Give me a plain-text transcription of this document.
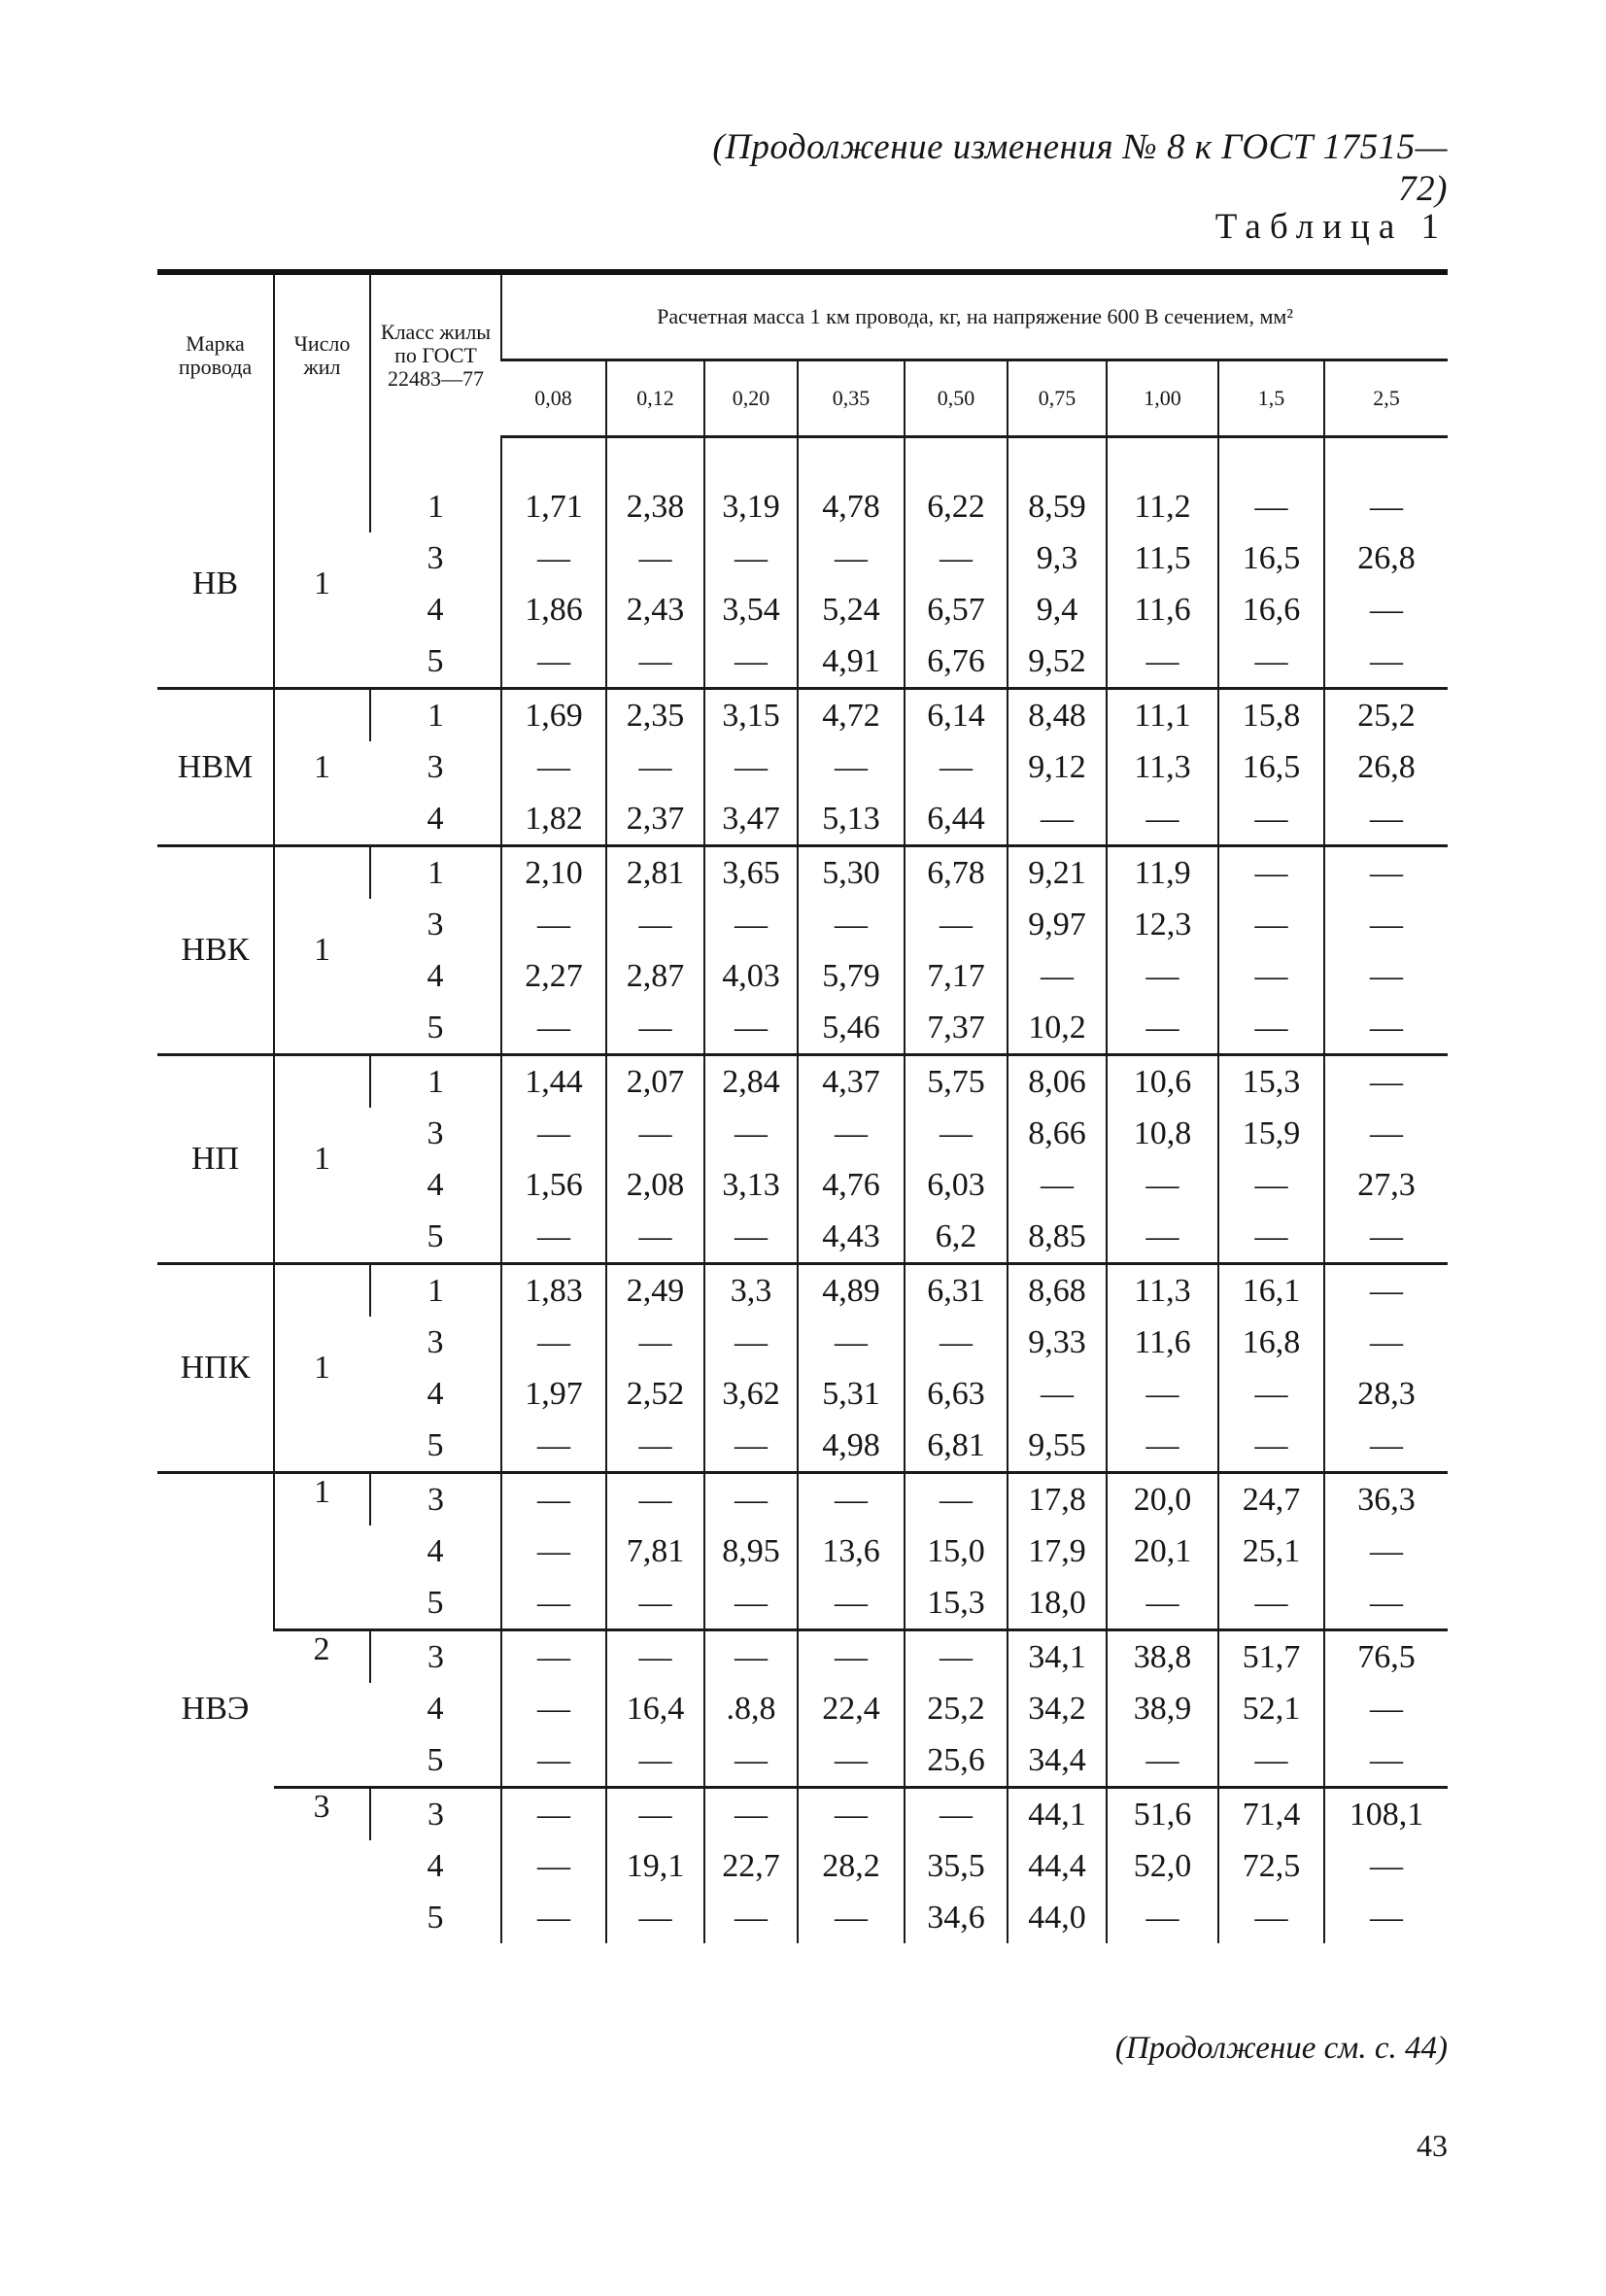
(Продолжение изменения № 8 к ГОСТ 17515—72)
Таблица 1
Марка провода	Число жил	Класс жилы по ГОСТ 22483—77	Расчетная масса 1 км провода, кг, на напряжение 600 В сечением, мм²								
			0,08	0,12	0,20	0,35	0,50	0,75	1,00	1,5	2,5

НВ	1	1	1,71	2,38	3,19	4,78	6,22	8,59	11,2	—	—
		3	—	—	—	—	—	9,3	11,5	16,5	26,8
		4	1,86	2,43	3,54	5,24	6,57	9,4	11,6	16,6	—
		5	—	—	—	4,91	6,76	9,52	—	—	—
НВМ	1	1	1,69	2,35	3,15	4,72	6,14	8,48	11,1	15,8	25,2
		3	—	—	—	—	—	9,12	11,3	16,5	26,8
		4	1,82	2,37	3,47	5,13	6,44	—	—	—	—
НВК	1	1	2,10	2,81	3,65	5,30	6,78	9,21	11,9	—	—
		3	—	—	—	—	—	9,97	12,3	—	—
		4	2,27	2,87	4,03	5,79	7,17	—	—	—	—
		5	—	—	—	5,46	7,37	10,2	—	—	—
НП	1	1	1,44	2,07	2,84	4,37	5,75	8,06	10,6	15,3	—
		3	—	—	—	—	—	8,66	10,8	15,9	—
		4	1,56	2,08	3,13	4,76	6,03	—	—	—	27,3
		5	—	—	—	4,43	6,2	8,85	—	—	—
НПК	1	1	1,83	2,49	3,3	4,89	6,31	8,68	11,3	16,1	—
		3	—	—	—	—	—	9,33	11,6	16,8	—
		4	1,97	2,52	3,62	5,31	6,63	—	—	—	28,3
		5	—	—	—	4,98	6,81	9,55	—	—	—
НВЭ	1	3	—	—	—	—	—	17,8	20,0	24,7	36,3
		4	—	7,81	8,95	13,6	15,0	17,9	20,1	25,1	—
		5	—	—	—	—	15,3	18,0	—	—	—
	2	3	—	—	—	—	—	34,1	38,8	51,7	76,5
		4	—	16,4	.8,8	22,4	25,2	34,2	38,9	52,1	—
		5	—	—	—	—	25,6	34,4	—	—	—
	3	3	—	—	—	—	—	44,1	51,6	71,4	108,1
		4	—	19,1	22,7	28,2	35,5	44,4	52,0	72,5	—
		5	—	—	—	—	34,6	44,0	—	—	—
(Продолжение см. с. 44)
43
